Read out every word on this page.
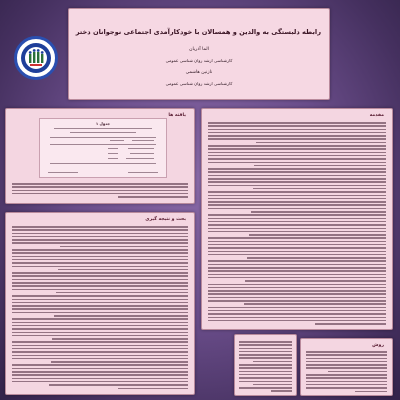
رابطه دلبستگی به والدین و همسالان با خودکارآمدی اجتماعی نوجوانان دختر
الما آذریان
کارشناسی ارشد روان شناسی عمومی
نازنین هاشمی
کارشناسی ارشد روان شناسی عمومی
یافته ها
جدول ۱
بحث و نتیجه گیری
مقدمه
روش
